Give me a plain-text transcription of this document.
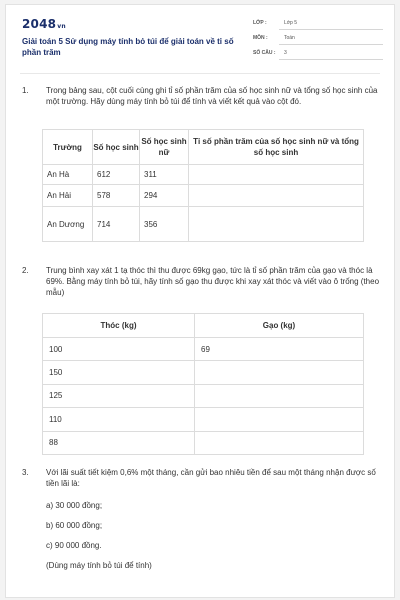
2048vn
Giải toán 5 Sử dụng máy tính bỏ túi để giải toán về tỉ số phần trăm
LỚP :	Lớp 5
MÔN :	Toán
SỐ CÂU : 3
1. Trong bảng sau, cột cuối cùng ghi tỉ số phần trăm của số học sinh nữ và tổng số học sinh của một trường. Hãy dùng máy tính bỏ túi để tính và viết kết quả vào cột đó.
Trường	Số học sinh	Số học sinh nữ	Tỉ số phần trăm của số học sinh nữ và tổng số học sinh
An Hà	612	311	
An Hải	578	294	
An Dương	714	356	
2. Trung bình xay xát 1 tạ thóc thì thu được 69kg gạo, tức là tỉ số phần trăm của gạo và thóc là 69%. Bằng máy tính bỏ túi, hãy tính số gạo thu được khi xay xát thóc và viết vào ô trống (theo mẫu)
Thóc (kg)	Gạo (kg)
100	69
150	
125	
110	
88	
3. Với lãi suất tiết kiệm 0,6% một tháng, cần gửi bao nhiêu tiền để sau một tháng nhận được số tiền lãi là:
a) 30 000 đồng;
b) 60 000 đồng;
c) 90 000 đồng.
(Dùng máy tính bỏ túi để tính)
